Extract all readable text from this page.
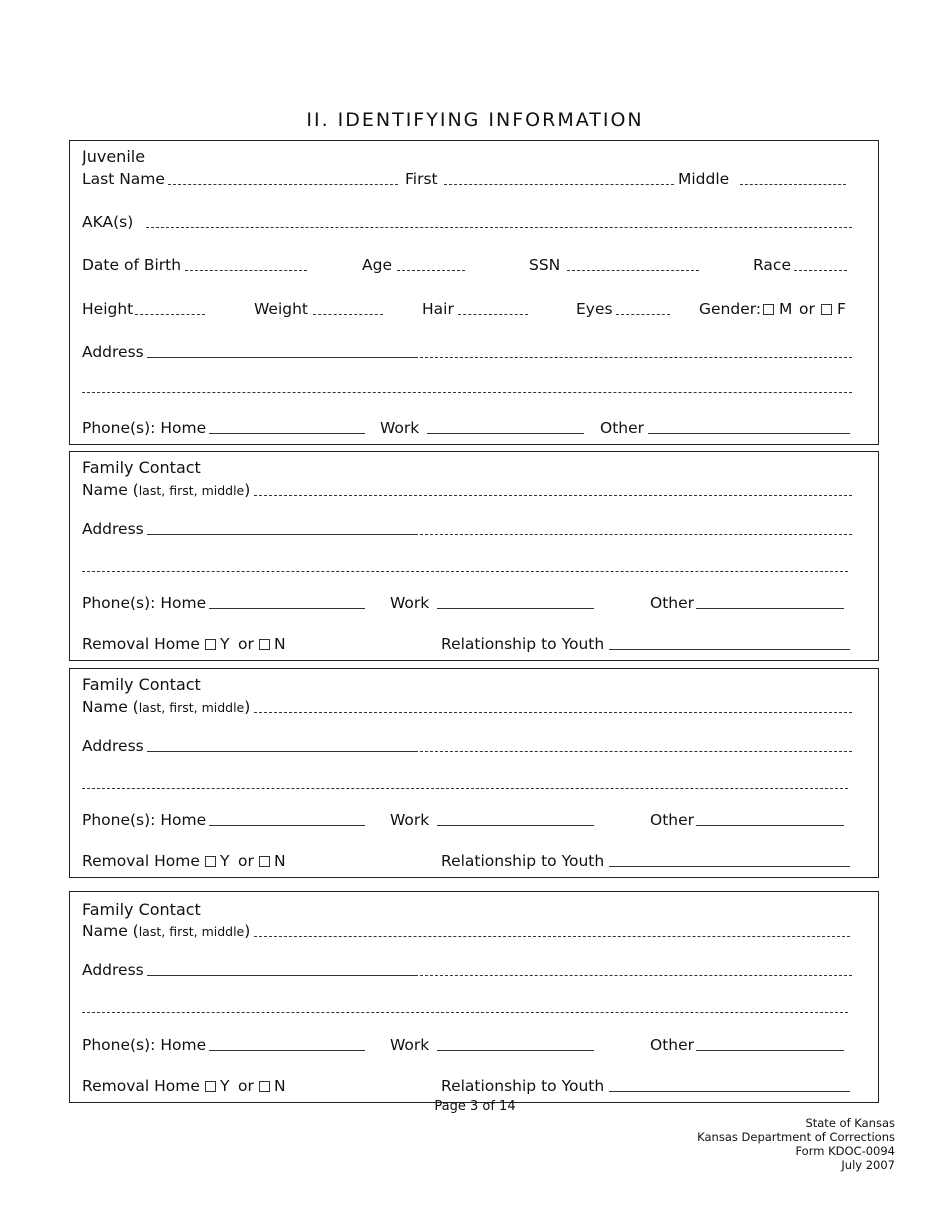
II. IDENTIFYING INFORMATION
Juvenile
Last Name	First	Middle
AKA(s)
Date of Birth	Age	SSN	Race
Height	Weight	Hair	Eyes	Gender: M or F
Address
Phone(s): Home	Work	Other
Family Contact
Name (last, first, middle)
Address
Phone(s): Home	Work	Other
Removal Home Y or N	Relationship to Youth
Family Contact
Name (last, first, middle)
Address
Phone(s): Home	Work	Other
Removal Home Y or N	Relationship to Youth
Family Contact
Name (last, first, middle)
Address
Phone(s): Home	Work	Other
Removal Home Y or N	Relationship to Youth
Page 3 of 14
State of Kansas
Kansas Department of Corrections
Form KDOC-0094
July 2007
